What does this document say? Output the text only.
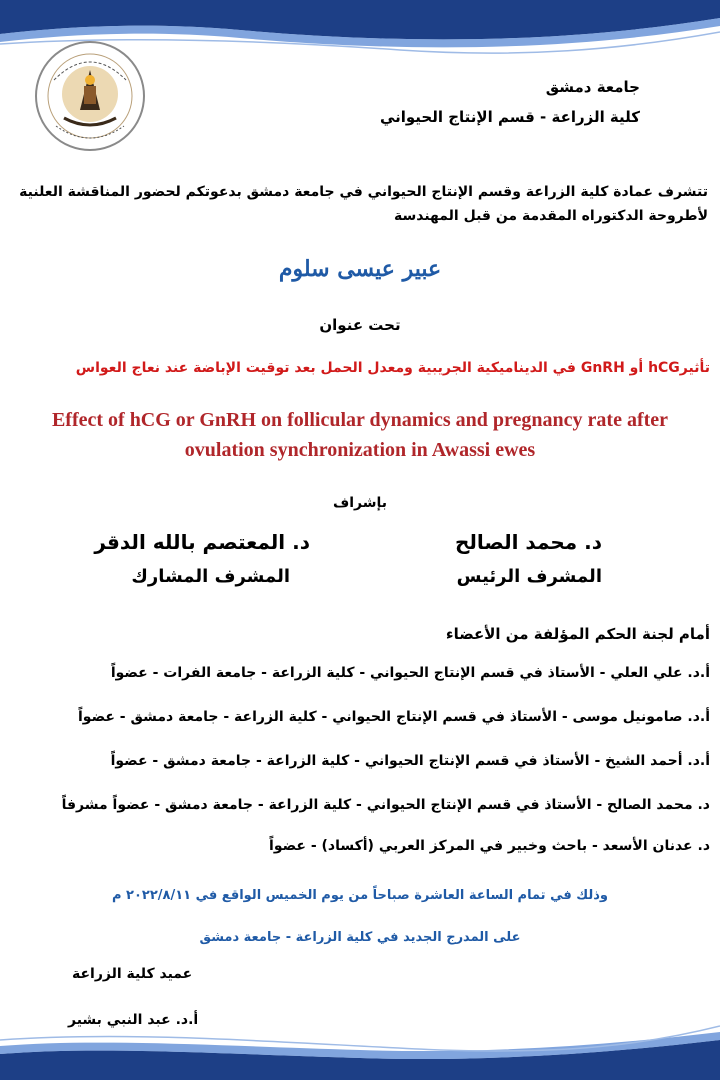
جامعة دمشق
كلية الزراعة - قسم الإنتاج الحيواني
تتشرف عمادة كلية الزراعة وقسم الإنتاج الحيواني في جامعة دمشق بدعوتكم لحضور المناقشة العلنية لأطروحة الدكتوراه المقدمة من قبل المهندسة
عبير عيسى سلوم
تحت عنوان
تأثيرhCG أو GnRH في الديناميكية الجريبية ومعدل الحمل بعد توقيت الإباضة عند نعاج العواس
Effect of hCG or GnRH on follicular dynamics and pregnancy rate after
ovulation synchronization in Awassi ewes
بإشراف
د. محمد الصالح
المشرف الرئيس
د. المعتصم بالله الدقر
المشرف المشارك
أمام لجنة الحكم المؤلفة من الأعضاء
أ.د. علي العلي - الأستاذ في قسم الإنتاج الحيواني - كلية الزراعة - جامعة الفرات - عضواً
أ.د. صامونيل موسى - الأستاذ في قسم الإنتاج الحيواني - كلية الزراعة - جامعة دمشق - عضواً
أ.د. أحمد الشيخ - الأستاذ في قسم الإنتاج الحيواني - كلية الزراعة - جامعة دمشق - عضواً
د. محمد الصالح - الأستاذ في قسم الإنتاج الحيواني - كلية الزراعة - جامعة دمشق - عضواً مشرفاً
د. عدنان الأسعد - باحث وخبير في المركز العربي (أكساد) - عضواً
وذلك في تمام الساعة العاشرة صباحاً من يوم الخميس الواقع في ٢٠٢٢/٨/١١ م
على المدرج الجديد في كلية الزراعة - جامعة دمشق
عميد كلية الزراعة
أ.د. عبد النبي بشير
